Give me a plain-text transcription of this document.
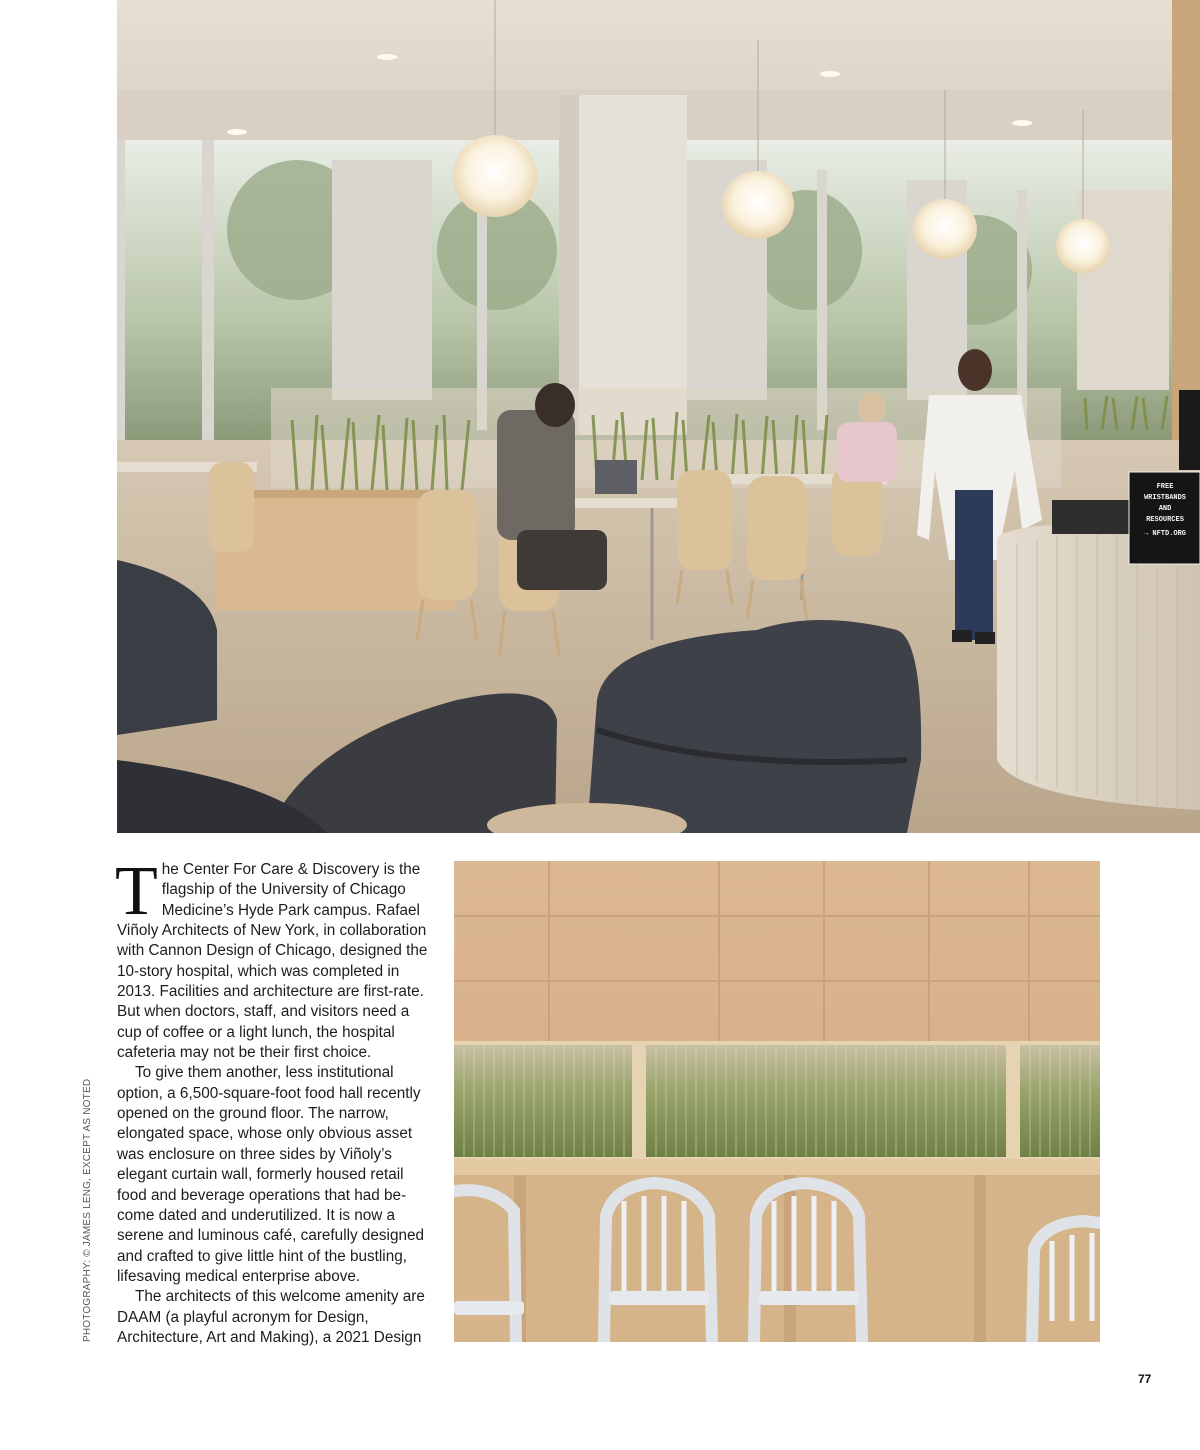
FREE
WRISTBANDS
AND
RESOURCES
→ NFTD.ORG

The Center For Care & Discovery is the flagship of the University of Chicago Medicine’s Hyde Park campus. Rafael Viñoly Architects of New York, in collaboration with Cannon Design of Chicago, designed the 10-story hospital, which was completed in 2013. Facilities and architecture are first-rate. But when doctors, staff, and visitors need a cup of coffee or a light lunch, the hospital cafeteria may not be their first choice.

To give them another, less institutional option, a 6,500-square-foot food hall recently opened on the ground floor. The narrow, elongated space, whose only obvious asset was enclosure on three sides by Viñoly’s elegant curtain wall, formerly housed retail food and beverage operations that had be- come dated and underutilized. It is now a serene and luminous café, carefully designed and crafted to give little hint of the bustling, lifesaving medical enterprise above.

The architects of this welcome amenity are DAAM (a playful acronym for Design, Architecture, Art and Making), a 2021 Design

PHOTOGRAPHY: © JAMES LENG, EXCEPT AS NOTED
77
